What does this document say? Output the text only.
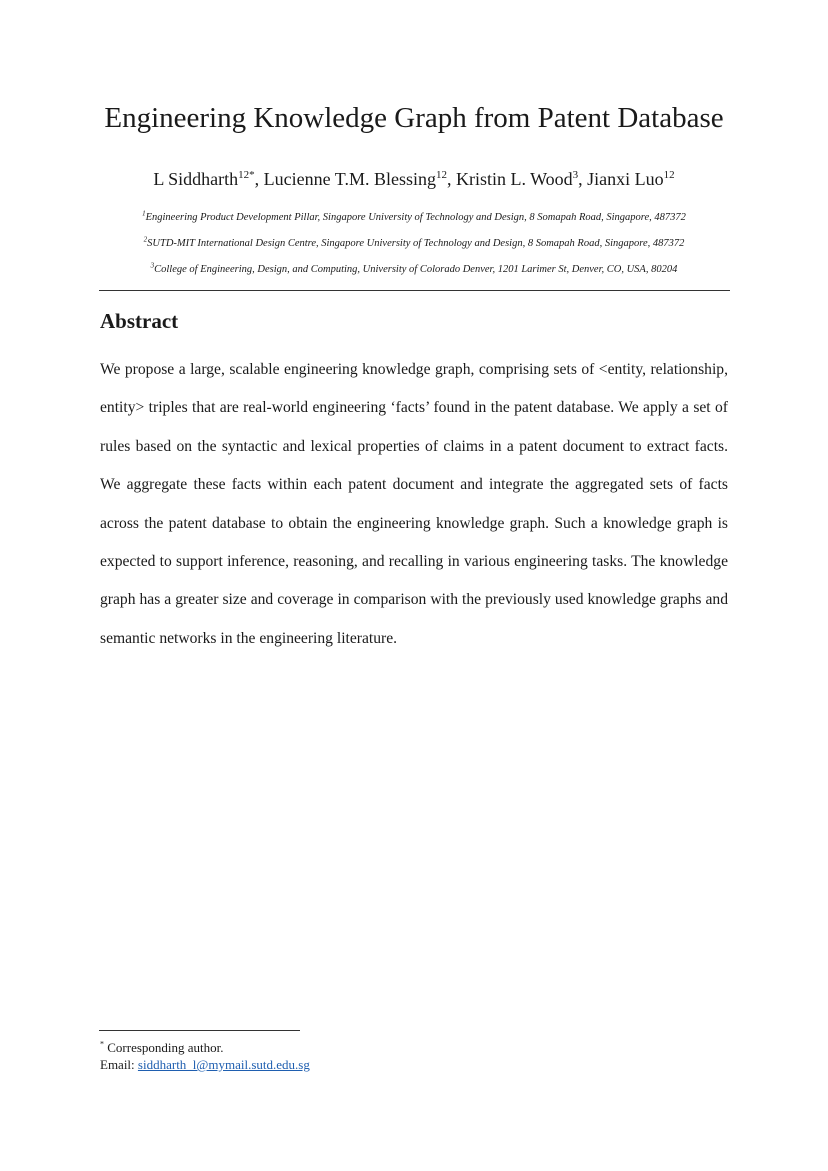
Engineering Knowledge Graph from Patent Database

L Siddharth$^{12*}$, Lucienne T.M. Blessing$^{12}$, Kristin L. Wood$^3$, Jianxi Luo$^{12}$

$^1$Engineering Product Development Pillar, Singapore University of Technology and Design, 8 Somapah Road, Singapore, 487372

$^2$SUTD-MIT International Design Centre, Singapore University of Technology and Design, 8 Somapah Road, Singapore, 487372

$^3$College of Engineering, Design, and Computing, University of Colorado Denver, 1201 Larimer St, Denver, CO, USA, 80204

Abstract

We propose a large, scalable engineering knowledge graph, comprising sets of <entity, relationship, entity> triples that are real-world engineering ‘facts’ found in the patent database. We apply a set of rules based on the syntactic and lexical properties of claims in a patent document to extract facts. We aggregate these facts within each patent document and integrate the aggregated sets of facts across the patent database to obtain the engineering knowledge graph. Such a knowledge graph is expected to support inference, reasoning, and recalling in various engineering tasks. The knowledge graph has a greater size and coverage in comparison with the previously used knowledge graphs and semantic networks in the engineering literature.

* Corresponding author.
Email: siddharth_l@mymail.sutd.edu.sg
